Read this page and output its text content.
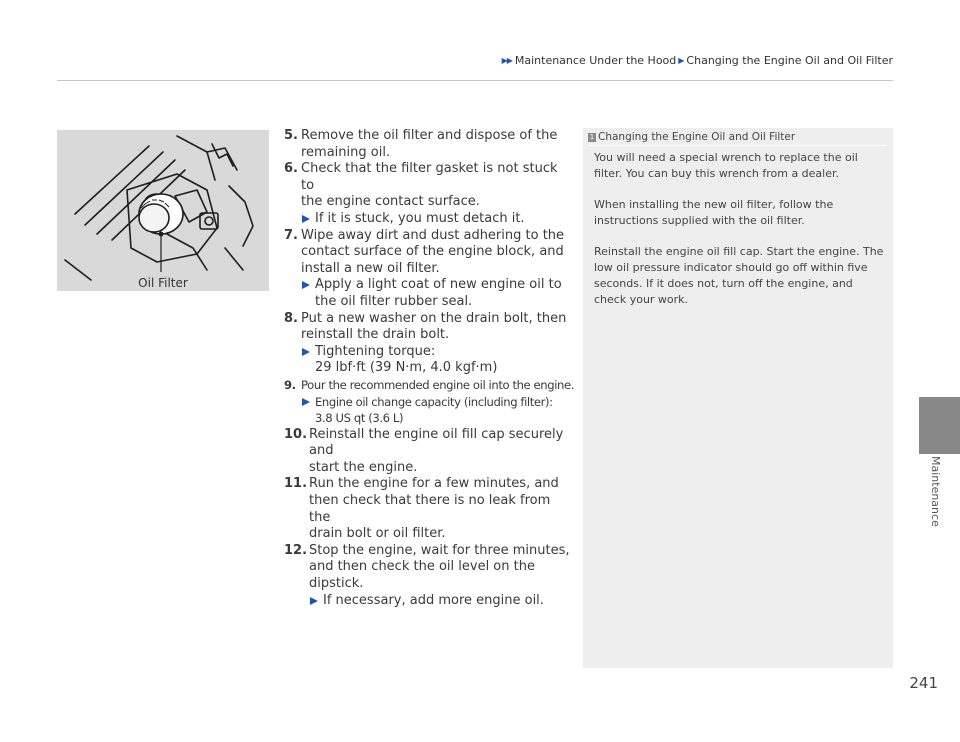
▶▶ Maintenance Under the Hood ▶ Changing the Engine Oil and Oil Filter
Oil Filter
5. Remove the oil filter and dispose of the
remaining oil.
6. Check that the filter gasket is not stuck to
the engine contact surface.
If it is stuck, you must detach it.
7. Wipe away dirt and dust adhering to the
contact surface of the engine block, and
install a new oil filter.
Apply a light coat of new engine oil to
the oil filter rubber seal.
8. Put a new washer on the drain bolt, then
reinstall the drain bolt.
Tightening torque:
29 lbf·ft (39 N·m, 4.0 kgf·m)
9. Pour the recommended engine oil into the engine.
Engine oil change capacity (including filter):
3.8 US qt (3.6 L)
10. Reinstall the engine oil fill cap securely and
start the engine.
11. Run the engine for a few minutes, and
then check that there is no leak from the
drain bolt or oil filter.
12. Stop the engine, wait for three minutes,
and then check the oil level on the
dipstick.
If necessary, add more engine oil.
1 Changing the Engine Oil and Oil Filter

You will need a special wrench to replace the oil filter. You can buy this wrench from a dealer.

When installing the new oil filter, follow the instructions supplied with the oil filter.

Reinstall the engine oil fill cap. Start the engine. The low oil pressure indicator should go off within five seconds. If it does not, turn off the engine, and check your work.

Maintenance
241
